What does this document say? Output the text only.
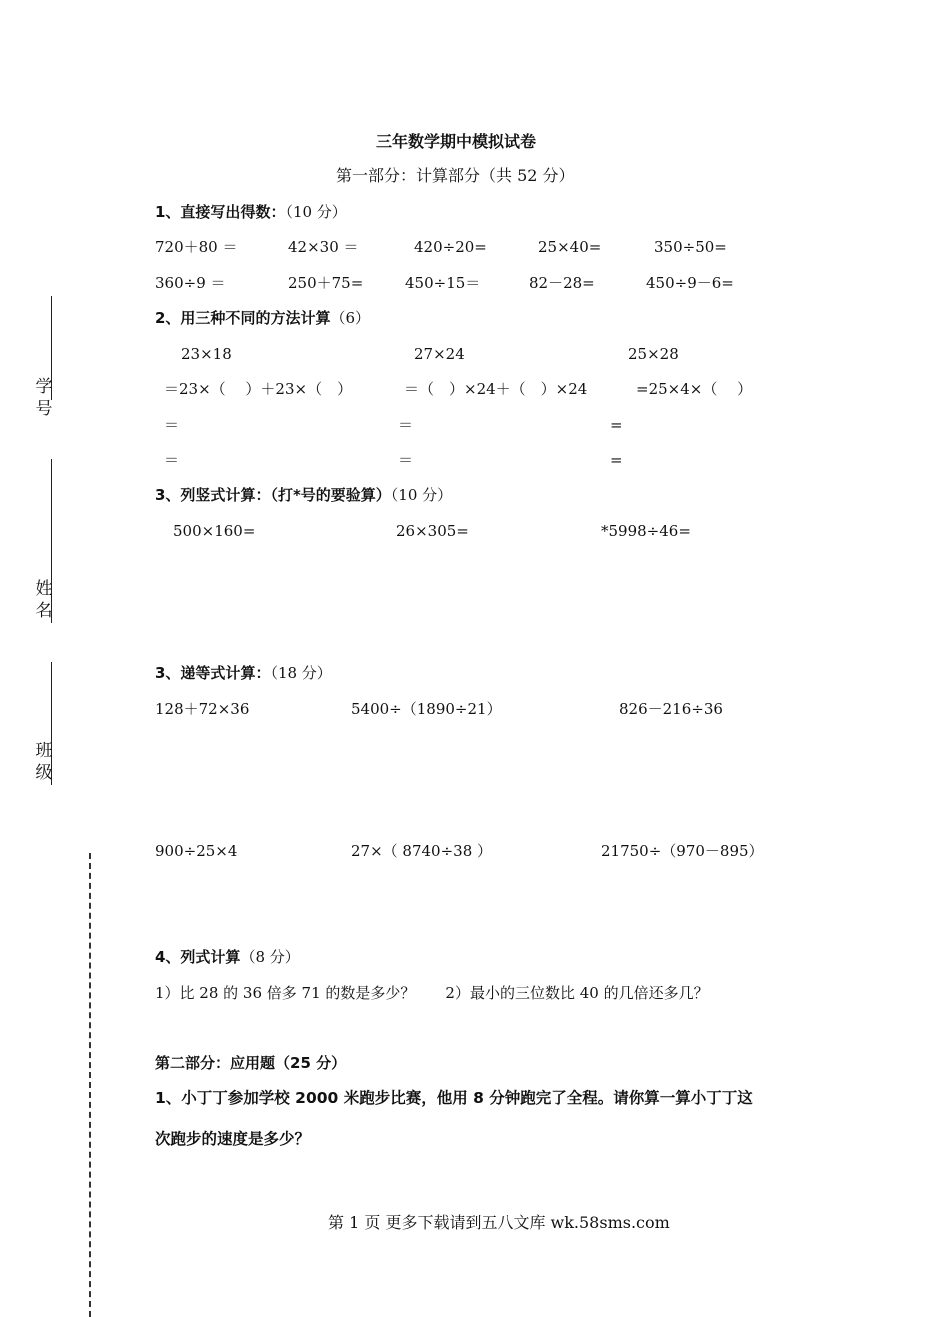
学号
姓名
班级
三年数学期中模拟试卷
第一部分：计算部分（共 52 分）
1、直接写出得数：（10 分）
720＋80 ＝	42×30 ＝	420÷20=	25×40=	350÷50=
360÷9 ＝	250＋75=	450÷15＝	82－28=	450÷9－6=
2、用三种不同的方法计算（6）
23×18	27×24	25×28
＝23×（　 ）＋23×（　）	＝（　）×24＋（　）×24	=25×4×（　 ）
＝	＝	=
＝	＝	=
3、列竖式计算：（打*号的要验算）（10 分）
500×160=	26×305=	*5998÷46=
3、递等式计算：（18 分）
128＋72×36	5400÷（1890÷21）	826－216÷36
900÷25×4	27×（ 8740÷38 ）	21750÷（970－895）
4、列式计算（8 分）
1）比 28 的 36 倍多 71 的数是多少？　　2）最小的三位数比 40 的几倍还多几？
第二部分：应用题（25 分）
1、小丁丁参加学校 2000 米跑步比赛，他用 8 分钟跑完了全程。请你算一算小丁丁这
次跑步的速度是多少？
第 1 页 更多下载请到五八文库 wk.58sms.com
